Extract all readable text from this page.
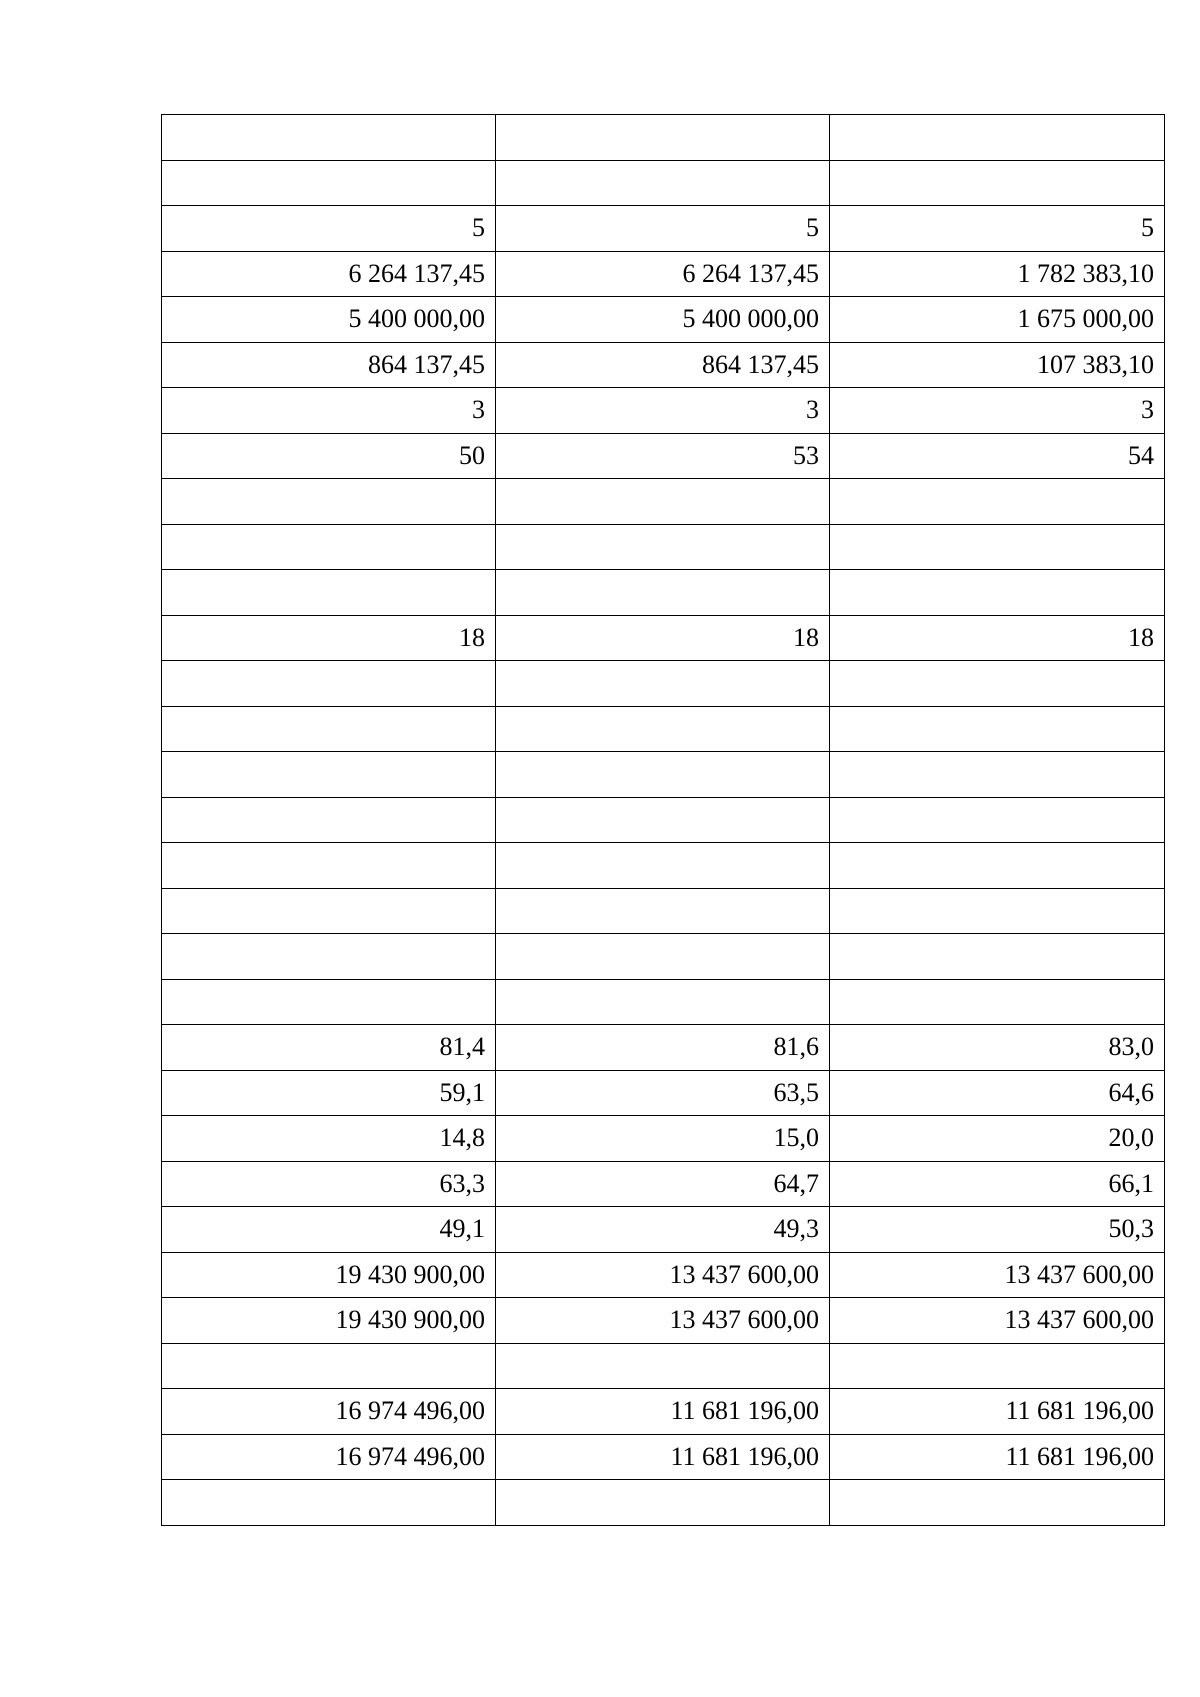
5	5	5
6 264 137,45	6 264 137,45	1 782 383,10
5 400 000,00	5 400 000,00	1 675 000,00
864 137,45	864 137,45	107 383,10
3	3	3
50	53	54

18	18	18

81,4	81,6	83,0
59,1	63,5	64,6
14,8	15,0	20,0
63,3	64,7	66,1
49,1	49,3	50,3
19 430 900,00	13 437 600,00	13 437 600,00
19 430 900,00	13 437 600,00	13 437 600,00

16 974 496,00	11 681 196,00	11 681 196,00
16 974 496,00	11 681 196,00	11 681 196,00
